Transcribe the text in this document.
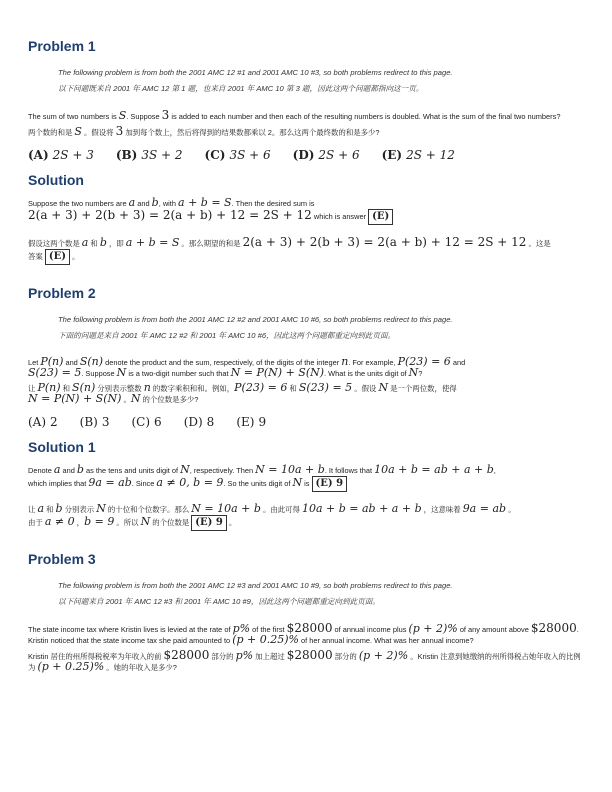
Problem 1
The following problem is from both the 2001 AMC 12 #1 and 2001 AMC 10 #3, so both problems redirect to this page.
以下问题既来自 2001 年 AMC 12 第 1 题，也来自 2001 年 AMC 10 第 3 题，因此这两个问题都指向这一页。

The sum of two numbers is S. Suppose 3 is added to each number and then each of the resulting numbers is doubled. What is the sum of the final two numbers?

两个数的和是 S 。假设将 3 加到每个数上，然后将得到的结果数都乘以 2。那么这两个最终数的和是多少?

(A) 2S + 3 (B) 3S + 2 (C) 3S + 6 (D) 2S + 6 (E) 2S + 12
Solution

Suppose the two numbers are a and b, with a + b = S. Then the desired sum is
2(a + 3) + 2(b + 3) = 2(a + b) + 12 = 2S + 12 which is answer (E)

假设这两个数是 a 和 b ，即 a + b = S 。那么期望的和是 2(a + 3) + 2(b + 3) = 2(a + b) + 12 = 2S + 12 。这是
答案 (E) 。

Problem 2
The following problem is from both the 2001 AMC 12 #2 and 2001 AMC 10 #6, so both problems redirect to this page.
下面的问题是来自 2001 年 AMC 12 #2 和 2001 年 AMC 10 #6，因此这两个问题都重定向到此页面。

Let P(n) and S(n) denote the product and the sum, respectively, of the digits of the integer n. For example, P(23) = 6 and
S(23) = 5. Suppose N is a two-digit number such that N = P(N) + S(N). What is the units digit of N?

让 P(n) 和 S(n) 分别表示整数 n 的数字乘积和和。例如，P(23) = 6 和 S(23) = 5 。假设 N 是一个两位数，使得
N = P(N) + S(N) 。N 的个位数是多少?

(A) 2 (B) 3 (C) 6 (D) 8 (E) 9
Solution 1

Denote a and b as the tens and units digit of N, respectively. Then N = 10a + b. It follows that 10a + b = ab + a + b,
which implies that 9a = ab. Since a ≠ 0, b = 9. So the units digit of N is (E) 9

让 a 和 b 分别表示 N 的十位和个位数字。那么 N = 10a + b 。由此可得 10a + b = ab + a + b ，这意味着 9a = ab 。
由于 a ≠ 0 ，b = 9 。所以 N 的个位数是 (E) 9 。

Problem 3
The following problem is from both the 2001 AMC 12 #3 and 2001 AMC 10 #9, so both problems redirect to this page.
以下问题来自 2001 年 AMC 12 #3 和 2001 年 AMC 10 #9，因此这两个问题都重定向到此页面。

The state income tax where Kristin lives is levied at the rate of p% of the first $28000 of annual income plus (p + 2)% of any amount above $28000. Kristin noticed that the state income tax she paid amounted to (p + 0.25)% of her annual income. What was her annual income?

Kristin 居住的州所得税税率为年收入的前 $28000 部分的 p% 加上超过 $28000 部分的 (p + 2)% 。Kristin 注意到她缴纳的州所得税占她年收入的比例为 (p + 0.25)% 。她的年收入是多少?
